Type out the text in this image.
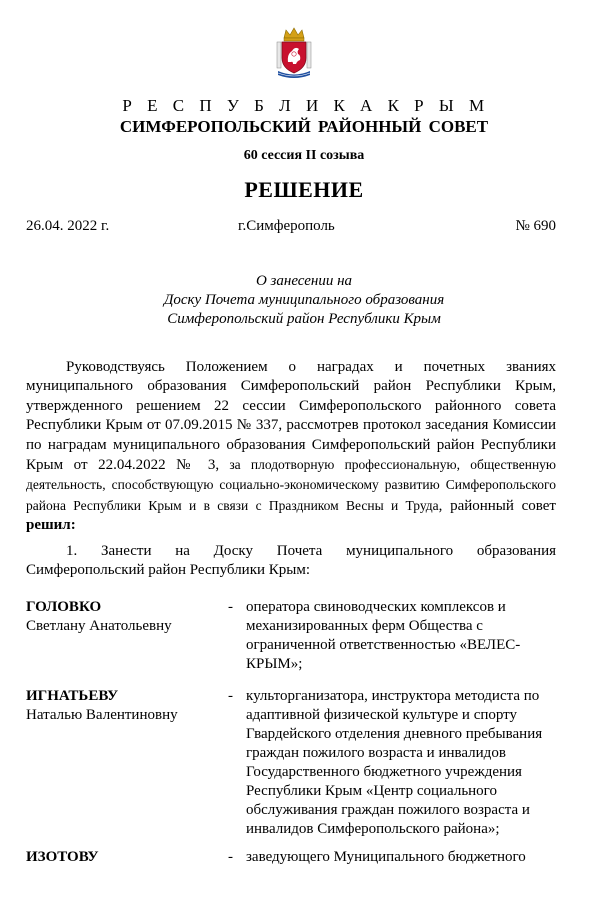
Р Е С П У Б Л И К А К Р Ы М
СИМФЕРОПОЛЬСКИЙ РАЙОННЫЙ СОВЕТ
60 сессия II созыва
РЕШЕНИЕ
26.04. 2022 г.	г.Симферополь	№ 690
О занесении на
Доску Почета муниципального образования
Симферопольский район Республики Крым

Руководствуясь Положением о наградах и почетных званиях муниципального образования Симферопольский район Республики Крым, утвержденного решением 22 сессии Симферопольского районного совета Республики Крым от 07.09.2015 № 337, рассмотрев протокол заседания Комиссии по наградам муниципального образования Симферопольский район Республики Крым от 22.04.2022 № 3, за плодотворную профессиональную, общественную деятельность, способствующую социально-экономическому развитию Симферопольского района Республики Крым и в связи с Праздником Весны и Труда, районный совет решил:

1. Занести на Доску Почета муниципального образования Симферопольский район Республики Крым:

ГОЛОВКО
Светлану Анатольевну
- оператора свиноводческих комплексов и механизированных ферм Общества с ограниченной ответственностью «ВЕЛЕС-КРЫМ»;
ИГНАТЬЕВУ
Наталью Валентиновну
- культорганизатора, инструктора методиста по адаптивной физической культуре и спорту Гвардейского отделения дневного пребывания граждан пожилого возраста и инвалидов Государственного бюджетного учреждения Республики Крым «Центр социального обслуживания граждан пожилого возраста и инвалидов Симферопольского района»;
ИЗОТОВУ	- заведующего Муниципального бюджетного
